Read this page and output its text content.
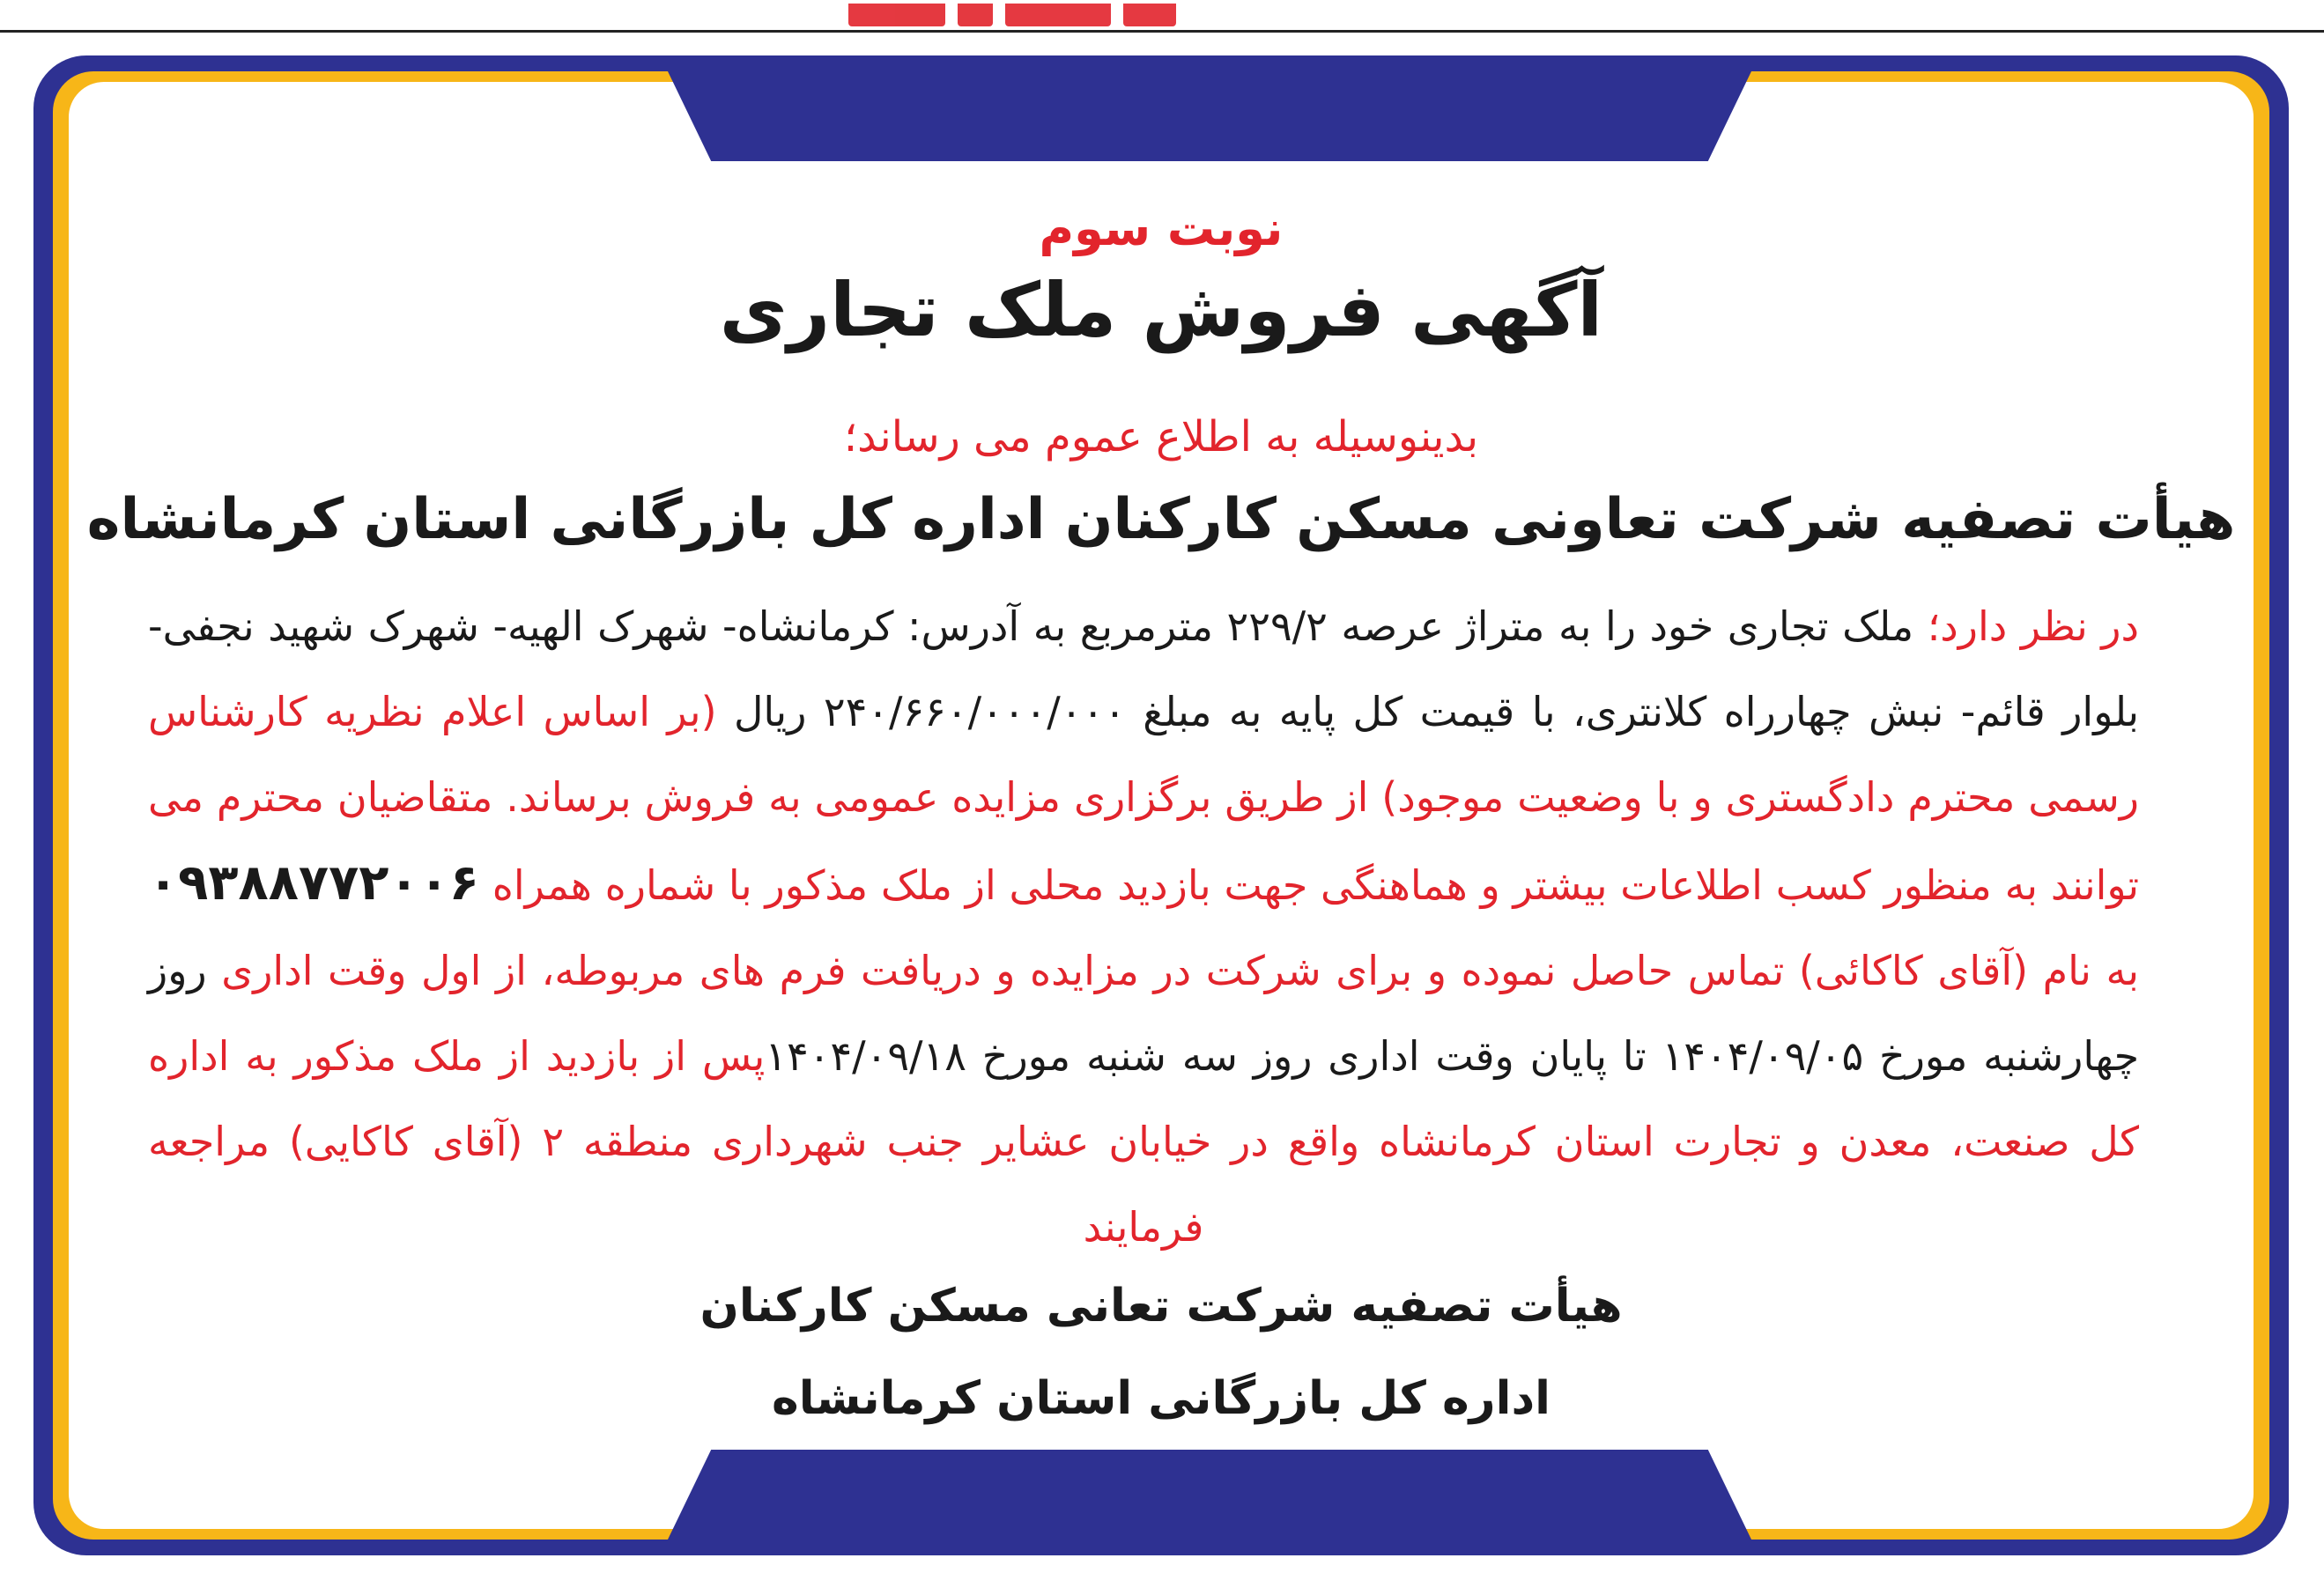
نوبت سوم
آگهی فروش ملک تجاری
بدینوسیله به اطلاع عموم می رساند؛
هیأت تصفیه شرکت تعاونی مسکن کارکنان اداره کل بازرگانی استان کرمانشاه
در نظر دارد؛ ملک تجاری خود را به متراژ عرصه ۲۲۹/۲ مترمربع به آدرس: کرمانشاه- شهرک الهیه- شهرک شهید نجفی- بلوار قائم- نبش چهارراه کلانتری، با قیمت کل پایه به مبلغ ۲۴۰/۶۶۰/۰۰۰/۰۰۰ ریال (بر اساس اعلام نظریه کارشناس رسمی محترم دادگستری و با وضعیت موجود) از طریق برگزاری مزایده عمومی به فروش برساند. متقاضیان محترم می توانند به منظور کسب اطلاعات بیشتر و هماهنگی جهت بازدید محلی از ملک مذکور با شماره همراه ۰۹۳۸۸۷۷۲۰۰۶ به نام (آقای کاکائی) تماس حاصل نموده و برای شرکت در مزایده و دریافت فرم های مربوطه، از اول وقت اداری روز چهارشنبه مورخ ۱۴۰۴/۰۹/۰۵ تا پایان وقت اداری روز سه شنبه مورخ ۱۴۰۴/۰۹/۱۸پس از بازدید از ملک مذکور به اداره کل صنعت، معدن و تجارت استان کرمانشاه واقع در خیابان عشایر جنب شهرداری منطقه ۲ (آقای کاکایی) مراجعه فرمایند
هیأت تصفیه شرکت تعانی مسکن کارکنان
اداره کل بازرگانی استان کرمانشاه
